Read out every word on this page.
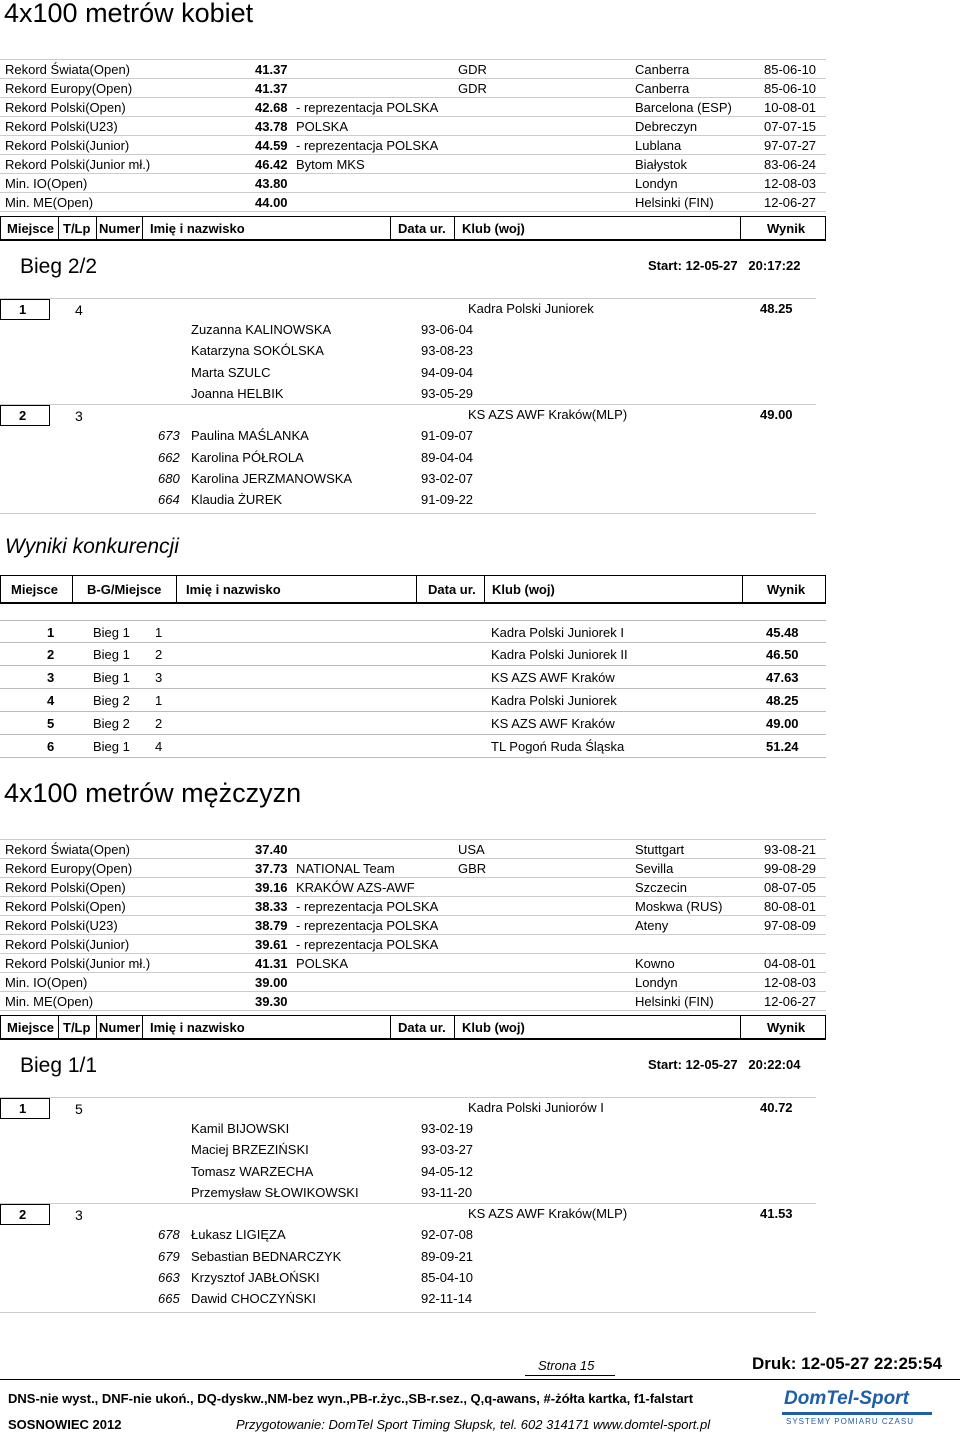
4x100 metrów kobiet
Rekord Świata(Open)	41.37	GDR	Canberra	85-06-10
Rekord Europy(Open)	41.37	GDR	Canberra	85-06-10
Rekord Polski(Open)	42.68 - reprezentacja POLSKA	Barcelona (ESP) 10-08-01
Rekord Polski(U23)	43.78 POLSKA	Debreczyn	07-07-15
Rekord Polski(Junior)	44.59 - reprezentacja POLSKA	Lublana	97-07-27
Rekord Polski(Junior mł.)	46.42 Bytom MKS	Białystok	83-06-24
Min. IO(Open)	43.80	Londyn	12-08-03
Min. ME(Open)	44.00	Helsinki (FIN)	12-06-27
Miejsce T/Lp Numer Imię i nazwisko	Data ur. Klub (woj)	Wynik
Bieg 2/2	Start: 12-05-27   20:17:22
1	4	Kadra Polski Juniorek	48.25
Zuzanna KALINOWSKA	93-06-04
Katarzyna SOKÓLSKA	93-08-23
Marta SZULC	94-09-04
Joanna HELBIK	93-05-29
2	3	KS AZS AWF Kraków(MLP)	49.00
673 Paulina MAŚLANKA	91-09-07
662 Karolina PÓŁROLA	89-04-04
680 Karolina JERZMANOWSKA	93-02-07
664 Klaudia ŻUREK	91-09-22
Wyniki konkurencji
Miejsce B-G/Miejsce Imię i nazwisko	Data ur. Klub (woj)	Wynik
1	Bieg 1 1	Kadra Polski Juniorek I	45.48
2	Bieg 1 2	Kadra Polski Juniorek II	46.50
3	Bieg 1 3	KS AZS AWF Kraków	47.63
4	Bieg 2 1	Kadra Polski Juniorek	48.25
5	Bieg 2 2	KS AZS AWF Kraków	49.00
6	Bieg 1 4	TL Pogoń Ruda Śląska	51.24
4x100 metrów mężczyzn
Rekord Świata(Open)	37.40	USA	Stuttgart	93-08-21
Rekord Europy(Open)	37.73 NATIONAL Team	GBR	Sevilla	99-08-29
Rekord Polski(Open)	39.16 KRAKÓW AZS-AWF	Szczecin	08-07-05
Rekord Polski(Open)	38.33 - reprezentacja POLSKA	Moskwa (RUS)	80-08-01
Rekord Polski(U23)	38.79 - reprezentacja POLSKA	Ateny	97-08-09
Rekord Polski(Junior)	39.61 - reprezentacja POLSKA
Rekord Polski(Junior mł.)	41.31 POLSKA	Kowno	04-08-01
Min. IO(Open)	39.00	Londyn	12-08-03
Min. ME(Open)	39.30	Helsinki (FIN)	12-06-27
Miejsce T/Lp Numer Imię i nazwisko	Data ur. Klub (woj)	Wynik
Bieg 1/1	Start: 12-05-27   20:22:04
1	5	Kadra Polski Juniorów I	40.72
Kamil BIJOWSKI	93-02-19
Maciej BRZEZIŃSKI	93-03-27
Tomasz WARZECHA	94-05-12
Przemysław SŁOWIKOWSKI	93-11-20
2	3	KS AZS AWF Kraków(MLP)	41.53
678 Łukasz LIGIĘZA	92-07-08
679 Sebastian BEDNARCZYK	89-09-21
663 Krzysztof JABŁOŃSKI	85-04-10
665 Dawid CHOCZYŃSKI	92-11-14
Strona 15	Druk: 12-05-27 22:25:54
DNS-nie wyst., DNF-nie ukoń., DQ-dyskw.,NM-bez wyn.,PB-r.życ.,SB-r.sez., Q,q-awans, #-żółta kartka, f1-falstart
SOSNOWIEC 2012	Przygotowanie: DomTel Sport Timing Słupsk, tel. 602 314171 www.domtel-sport.pl
DomTel-Sport
SYSTEMY POMIARU CZASU
